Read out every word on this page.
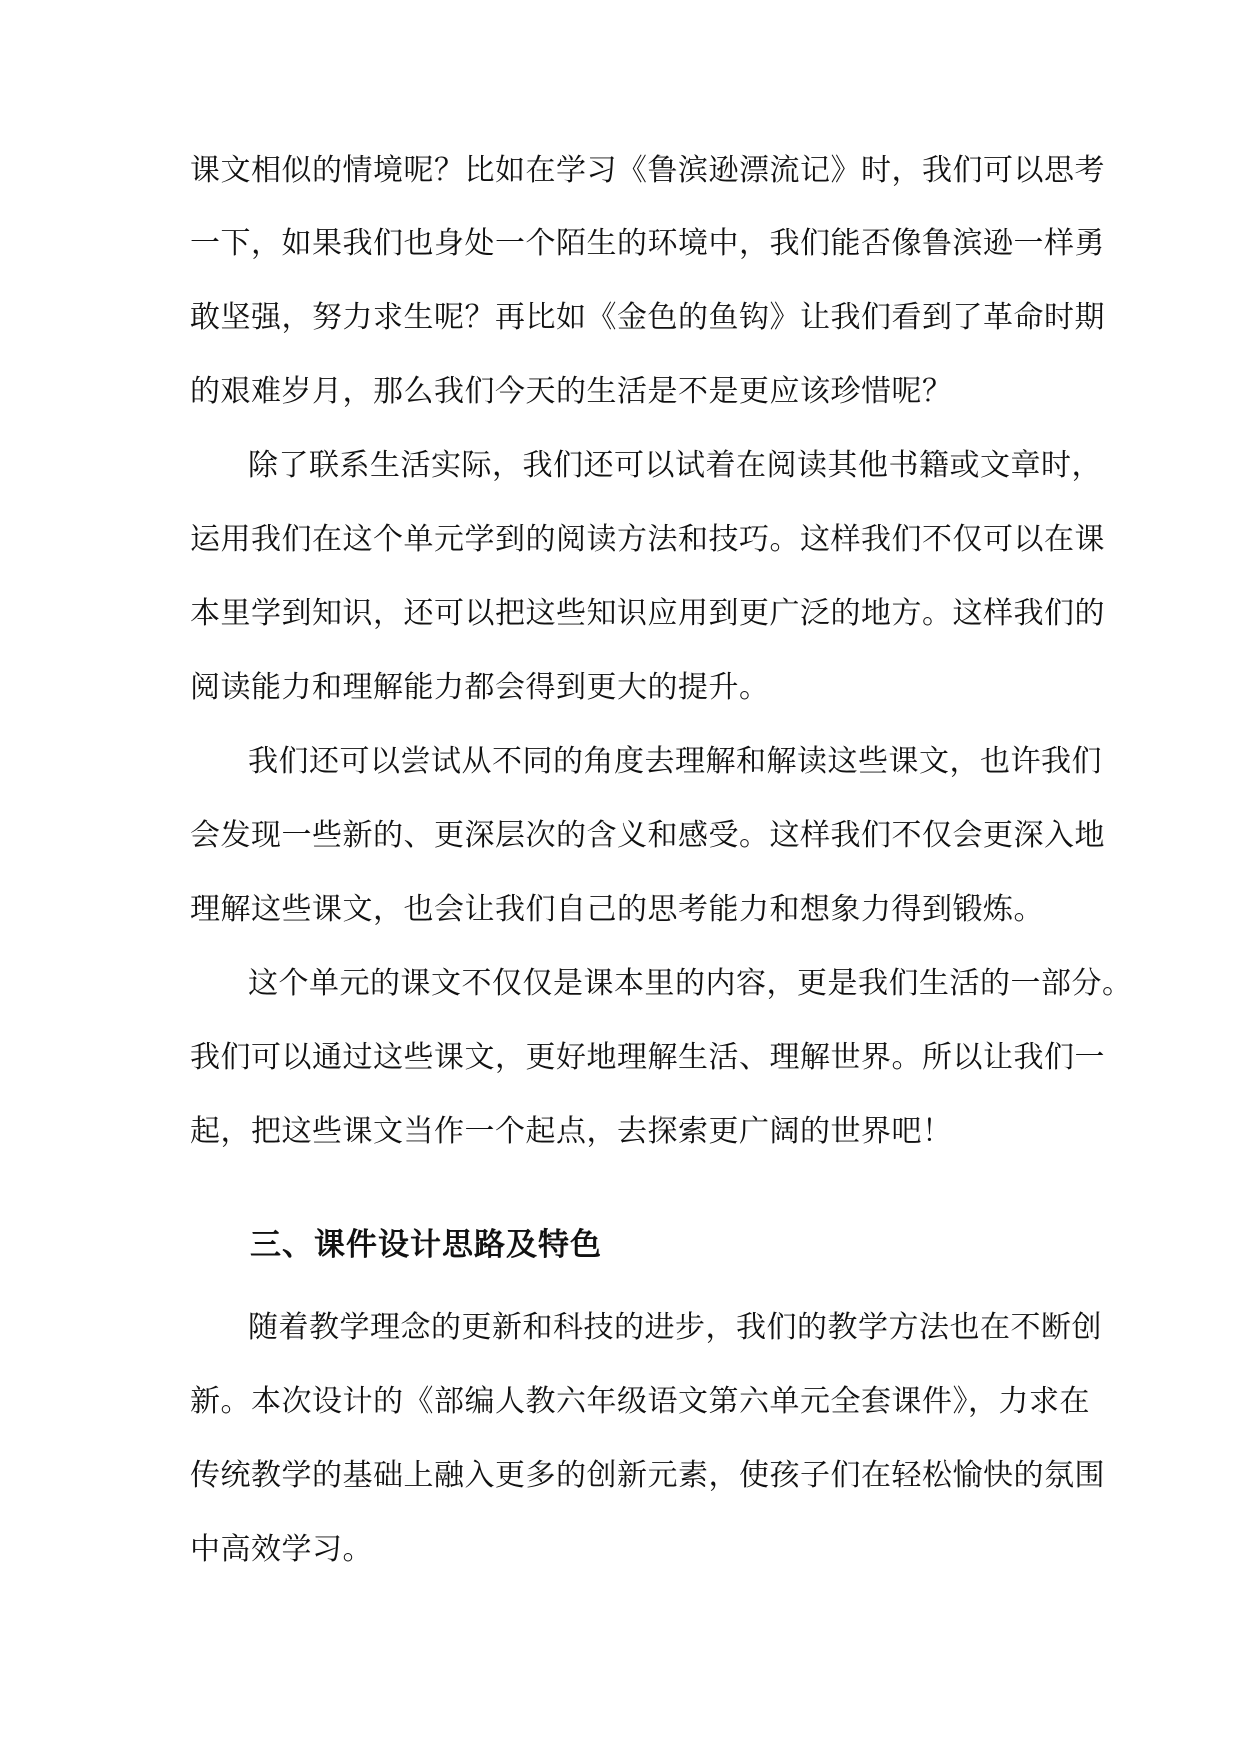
课文相似的情境呢？比如在学习《鲁滨逊漂流记》时，我们可以思考
一下，如果我们也身处一个陌生的环境中，我们能否像鲁滨逊一样勇
敢坚强，努力求生呢？再比如《金色的鱼钩》让我们看到了革命时期
的艰难岁月，那么我们今天的生活是不是更应该珍惜呢？
除了联系生活实际，我们还可以试着在阅读其他书籍或文章时，
运用我们在这个单元学到的阅读方法和技巧。这样我们不仅可以在课
本里学到知识，还可以把这些知识应用到更广泛的地方。这样我们的
阅读能力和理解能力都会得到更大的提升。
我们还可以尝试从不同的角度去理解和解读这些课文，也许我们
会发现一些新的、更深层次的含义和感受。这样我们不仅会更深入地
理解这些课文，也会让我们自己的思考能力和想象力得到锻炼。
这个单元的课文不仅仅是课本里的内容，更是我们生活的一部分。
我们可以通过这些课文，更好地理解生活、理解世界。所以让我们一
起，把这些课文当作一个起点，去探索更广阔的世界吧！
三、课件设计思路及特色
随着教学理念的更新和科技的进步，我们的教学方法也在不断创
新。本次设计的《部编人教六年级语文第六单元全套课件》，力求在
传统教学的基础上融入更多的创新元素，使孩子们在轻松愉快的氛围
中高效学习。
